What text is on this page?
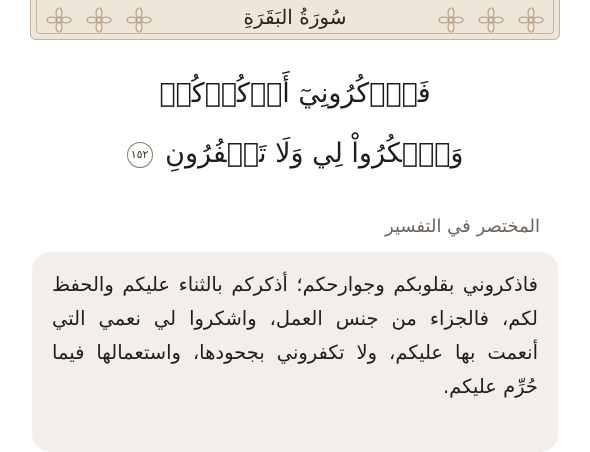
سُورَةُ البَقَرَةِ
فَٱذۡكُرُونِيٓ أَذۡكُرۡكُمۡ
وَٱشۡكُرُواْ لِي وَلَا تَكۡفُرُونِ ١٥٢
المختصر في التفسير

فاذكروني بقلوبكم وجوارحكم؛ أذكركم بالثناء عليكم والحفظ لكم، فالجزاء من جنس العمل، واشكروا لي نعمي التي أنعمت بها عليكم، ولا تكفروني بجحودها، واستعمالها فيما حُرِّم عليكم.
